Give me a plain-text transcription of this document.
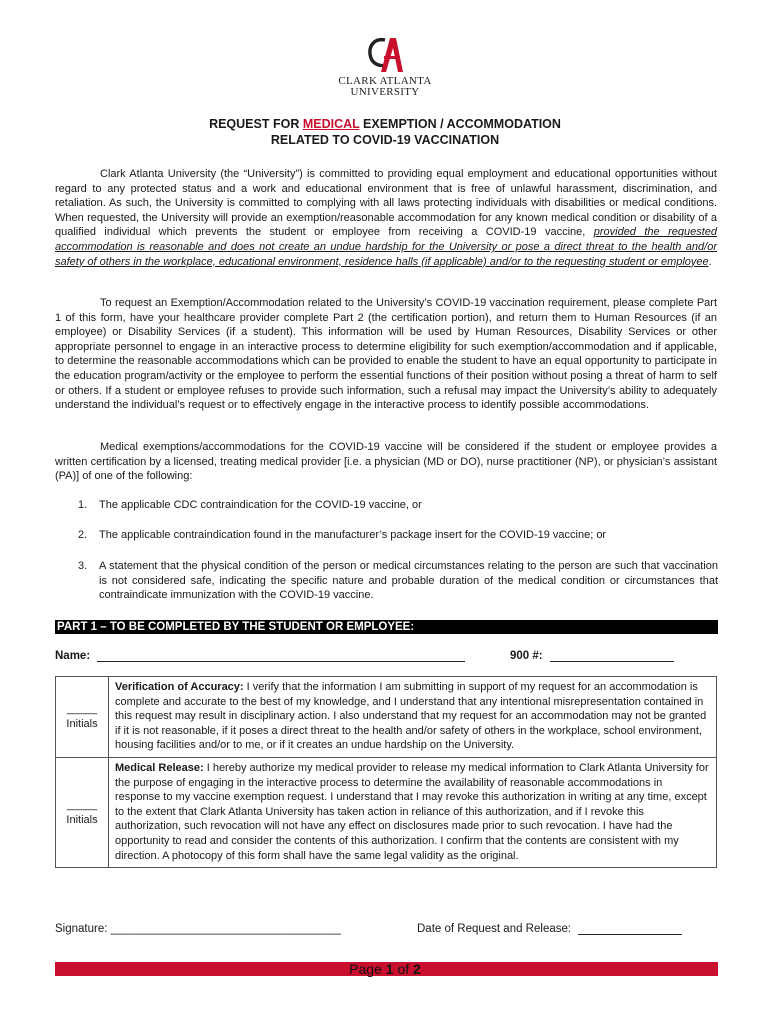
CLARK ATLANTA
UNIVERSITY
REQUEST FOR MEDICAL EXEMPTION / ACCOMMODATION
RELATED TO COVID-19 VACCINATION

Clark Atlanta University (the “University”) is committed to providing equal employment and educational opportunities without regard to any protected status and a work and educational environment that is free of unlawful harassment, discrimination, and retaliation. As such, the University is committed to complying with all laws protecting individuals with disabilities or medical conditions. When requested, the University will provide an exemption/reasonable accommodation for any known medical condition or disability of a qualified individual which prevents the student or employee from receiving a COVID-19 vaccine, provided the requested accommodation is reasonable and does not create an undue hardship for the University or pose a direct threat to the health and/or safety of others in the workplace, educational environment, residence halls (if applicable) and/or to the requesting student or employee.

To request an Exemption/Accommodation related to the University’s COVID-19 vaccination requirement, please complete Part 1 of this form, have your healthcare provider complete Part 2 (the certification portion), and return them to Human Resources (if an employee) or Disability Services (if a student). This information will be used by Human Resources, Disability Services or other appropriate personnel to engage in an interactive process to determine eligibility for such exemption/accommodation and if applicable, to determine the reasonable accommodations which can be provided to enable the student to have an equal opportunity to participate in the education program/activity or the employee to perform the essential functions of their position without posing a threat of harm to self or others. If a student or employee refuses to provide such information, such a refusal may impact the University’s ability to adequately understand the individual’s request or to effectively engage in the interactive process to identify possible accommodations.

Medical exemptions/accommodations for the COVID-19 vaccine will be considered if the student or employee provides a written certification by a licensed, treating medical provider [i.e. a physician (MD or DO), nurse practitioner (NP), or physician’s assistant (PA)] of one of the following:

1.	The applicable CDC contraindication for the COVID-19 vaccine, or
2.	The applicable contraindication found in the manufacturer’s package insert for the COVID-19 vaccine; or
3.	A statement that the physical condition of the person or medical circumstances relating to the person are such that vaccination is not considered safe, indicating the specific nature and probable duration of the medical condition or circumstances that contraindicate immunization with the COVID-19 vaccine.
PART 1 – TO BE COMPLETED BY THE STUDENT OR EMPLOYEE:
Name:	900 #:
_____
Initials	Verification of Accuracy: I verify that the information I am submitting in support of my request for an accommodation is complete and accurate to the best of my knowledge, and I understand that any intentional misrepresentation contained in this request may result in disciplinary action. I also understand that my request for an accommodation may not be granted if it is not reasonable, if it poses a direct threat to the health and/or safety of others in the workplace, school environment, housing facilities and/or to me, or if it creates an undue hardship on the University.

_____
Initials	Medical Release: I hereby authorize my medical provider to release my medical information to Clark Atlanta University for the purpose of engaging in the interactive process to determine the availability of reasonable accommodations in response to my vaccine exemption request. I understand that I may revoke this authorization in writing at any time, except to the extent that Clark Atlanta University has taken action in reliance of this authorization, and if I revoke this authorization, such revocation will not have any effect on disclosures made prior to such revocation. I have had the opportunity to read and consider the contents of this authorization. I confirm that the contents are consistent with my direction. A photocopy of this form shall have the same legal validity as the original.
Signature: ____________________________________	Date of Request and Release:
Page 1 of 2
